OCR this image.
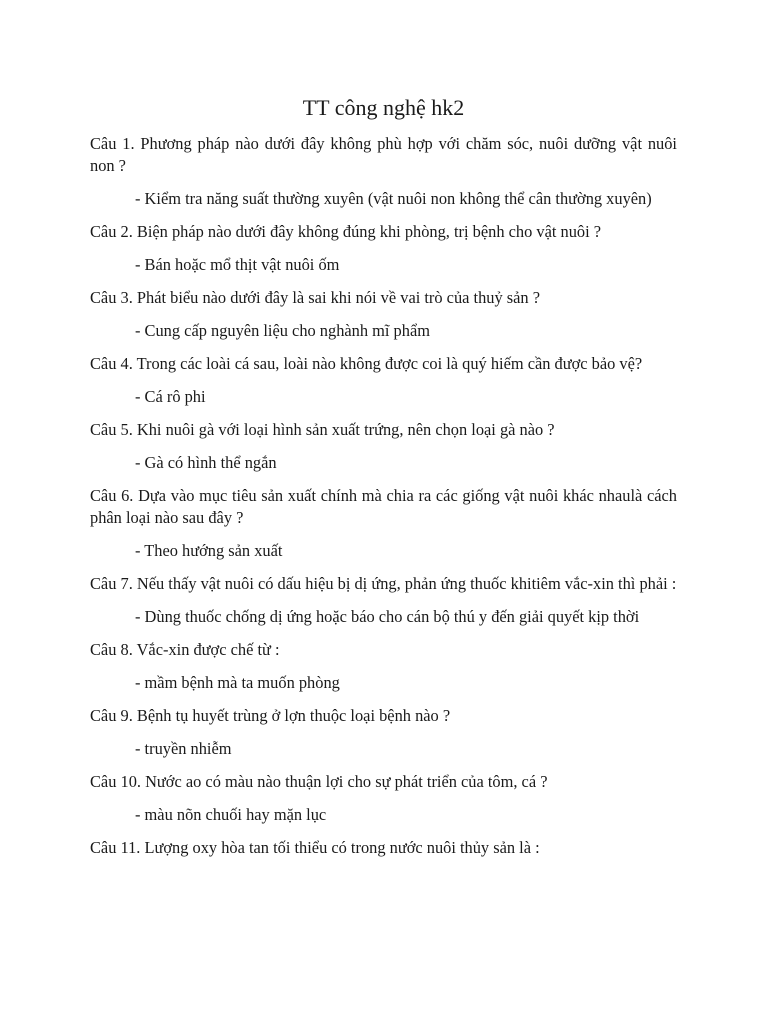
TT công nghệ hk2

Câu 1. Phương pháp nào dưới đây không phù hợp với chăm sóc, nuôi dưỡng vật nuôi non ?

- Kiểm tra năng suất thường xuyên (vật nuôi non không thể cân thường xuyên)

Câu 2. Biện pháp nào dưới đây không đúng khi phòng, trị bệnh cho vật nuôi ?

- Bán hoặc mổ thịt vật nuôi ốm

Câu 3. Phát biểu nào dưới đây là sai khi nói về vai trò của thuỷ sản ?

- Cung cấp nguyên liệu cho nghành mĩ phẩm

Câu 4. Trong các loài cá sau, loài nào không được coi là quý hiếm cần được bảo vệ?

- Cá rô phi

Câu 5. Khi nuôi gà với loại hình sản xuất trứng, nên chọn loại gà nào ?

- Gà có hình thể ngắn

Câu 6. Dựa vào mục tiêu sản xuất chính mà chia ra các giống vật nuôi khác nhaulà cách phân loại nào sau đây ?

- Theo hướng sản xuất

Câu 7. Nếu thấy vật nuôi có dấu hiệu bị dị ứng, phản ứng thuốc khitiêm vắc-xin thì phải :

- Dùng thuốc chống dị ứng hoặc báo cho cán bộ thú y đến giải quyết kịp thời

Câu 8. Vắc-xin được chế từ :

- mầm bệnh mà ta muốn phòng

Câu 9. Bệnh tụ huyết trùng ở lợn thuộc loại bệnh nào ?

- truyền nhiễm

Câu 10. Nước ao có màu nào thuận lợi cho sự phát triển của tôm, cá ?

- màu nõn chuối hay mặn lục

Câu 11. Lượng oxy hòa tan tối thiểu có trong nước nuôi thủy sản là :
